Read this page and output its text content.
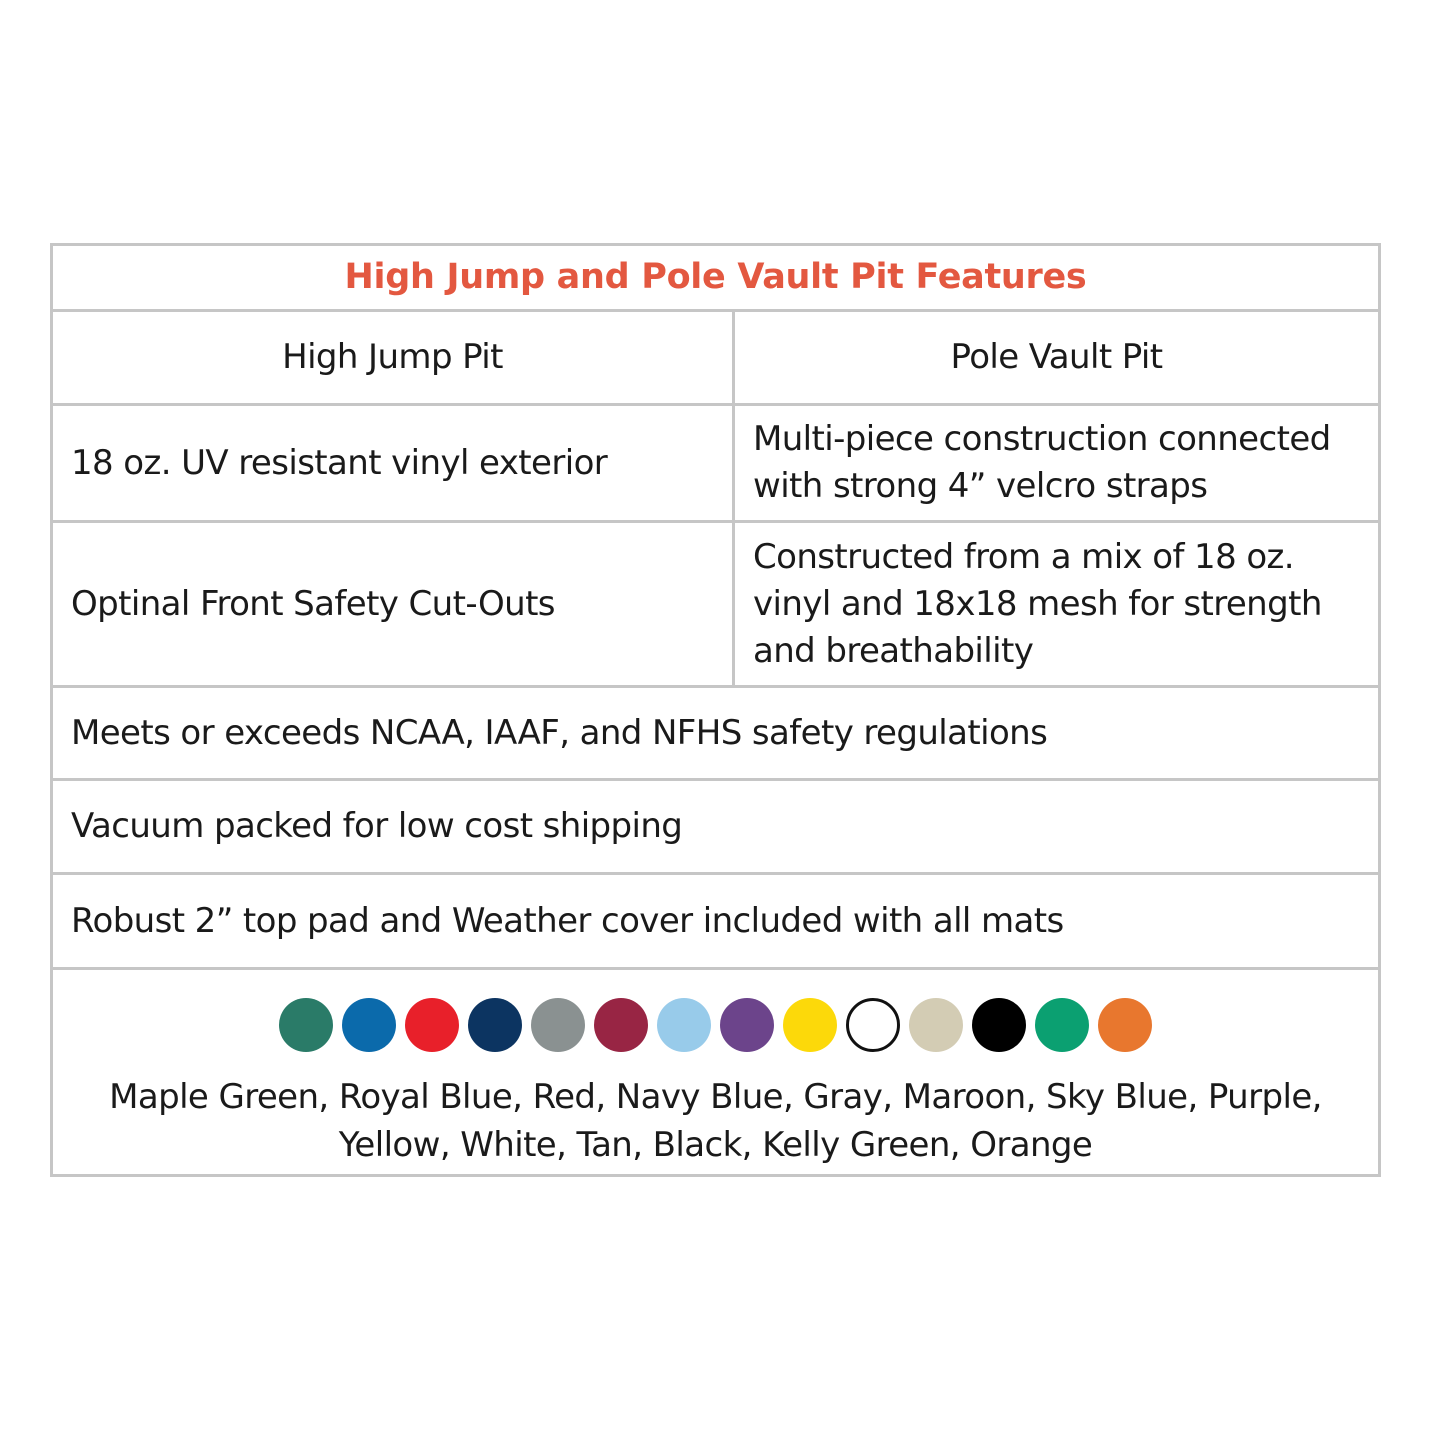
High Jump and Pole Vault Pit Features
High Jump Pit	Pole Vault Pit
18 oz. UV resistant vinyl exterior
Multi-piece construction connected with strong 4” velcro straps
Optinal Front Safety Cut-Outs
Constructed from a mix of 18 oz. vinyl and 18x18 mesh for strength and breathability
Meets or exceeds NCAA, IAAF, and NFHS safety regulations
Vacuum packed for low cost shipping
Robust 2” top pad and Weather cover included with all mats
Maple Green, Royal Blue, Red, Navy Blue, Gray, Maroon, Sky Blue, Purple, Yellow, White, Tan, Black, Kelly Green, Orange
